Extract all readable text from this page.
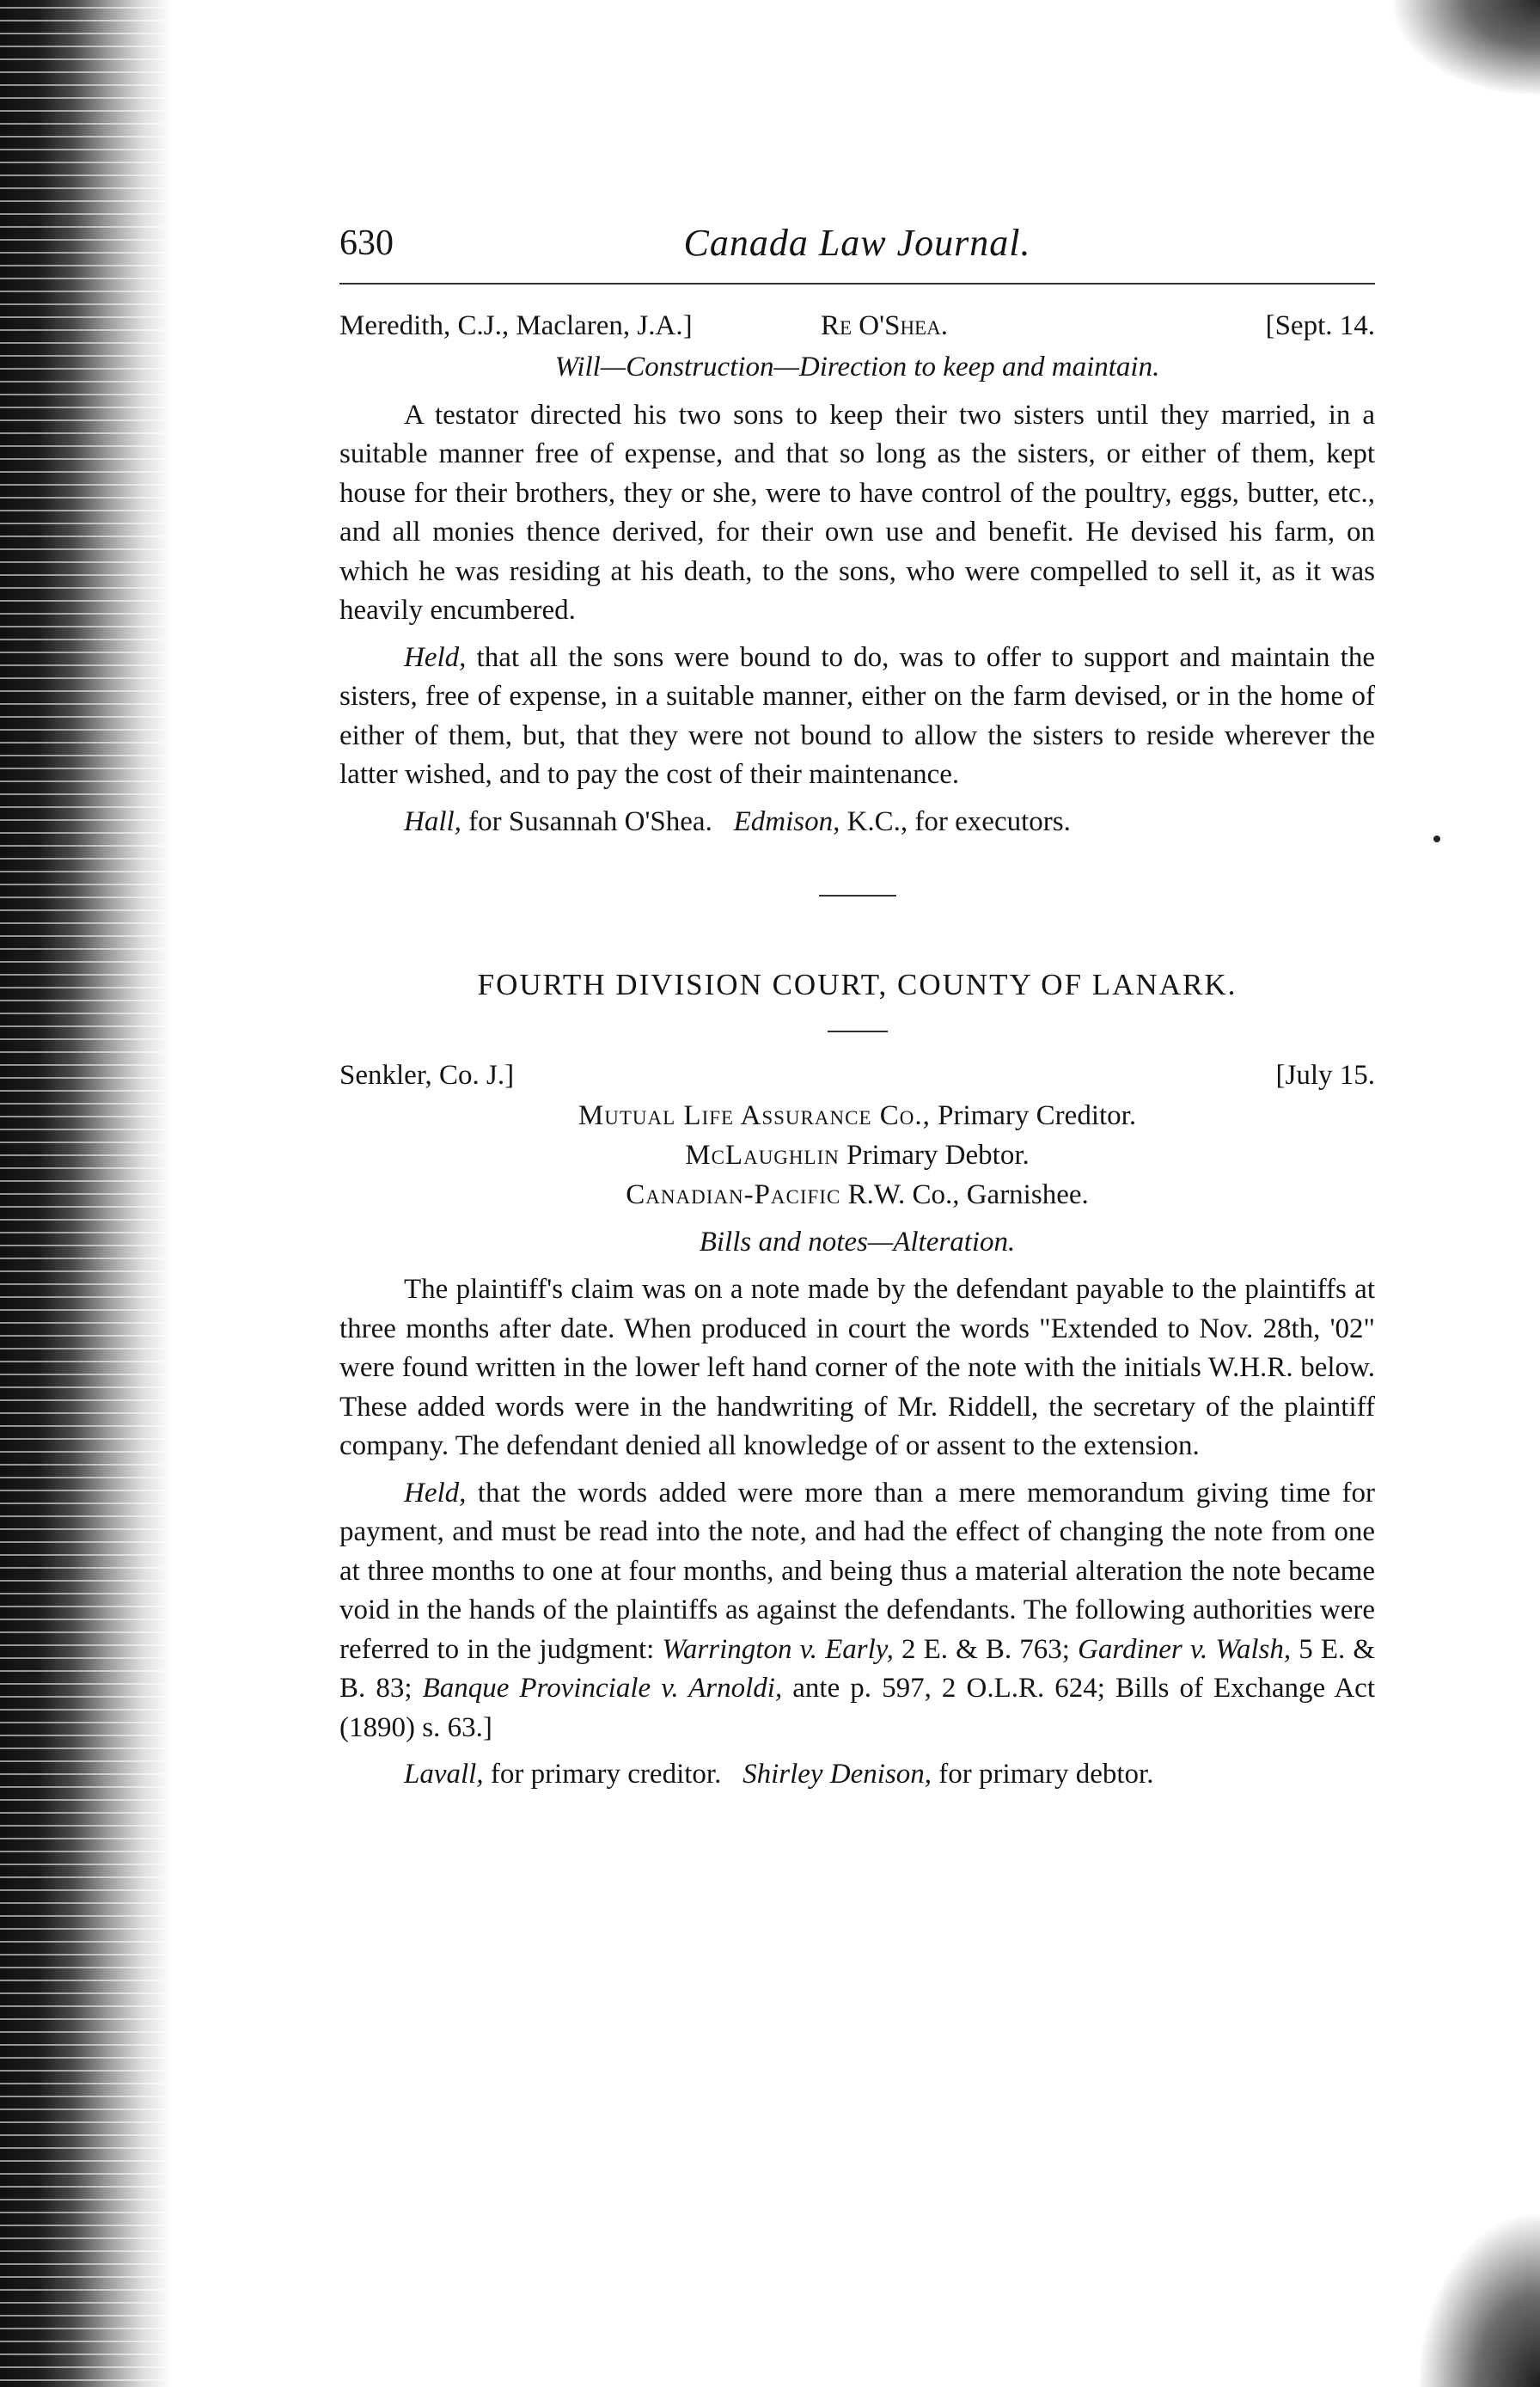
630	Canada Law Journal.
Meredith, C.J., Maclaren, J.A.]	Re O'Shea.	[Sept. 14.
Will—Construction—Direction to keep and maintain.

A testator directed his two sons to keep their two sisters until they married, in a suitable manner free of expense, and that so long as the sisters, or either of them, kept house for their brothers, they or she, were to have control of the poultry, eggs, butter, etc., and all monies thence derived, for their own use and benefit. He devised his farm, on which he was residing at his death, to the sons, who were compelled to sell it, as it was heavily encumbered.

Held, that all the sons were bound to do, was to offer to support and maintain the sisters, free of expense, in a suitable manner, either on the farm devised, or in the home of either of them, but, that they were not bound to allow the sisters to reside wherever the latter wished, and to pay the cost of their maintenance.

Hall, for Susannah O'Shea. Edmison, K.C., for executors.

FOURTH DIVISION COURT, COUNTY OF LANARK.
Senkler, Co. J.]	[July 15.
Mutual Life Assurance Co., Primary Creditor.
McLaughlin Primary Debtor.
Canadian-Pacific R.W. Co., Garnishee.
Bills and notes—Alteration.

The plaintiff's claim was on a note made by the defendant payable to the plaintiffs at three months after date. When produced in court the words "Extended to Nov. 28th, '02" were found written in the lower left hand corner of the note with the initials W.H.R. below. These added words were in the handwriting of Mr. Riddell, the secretary of the plaintiff company. The defendant denied all knowledge of or assent to the extension.

Held, that the words added were more than a mere memorandum giving time for payment, and must be read into the note, and had the effect of changing the note from one at three months to one at four months, and being thus a material alteration the note became void in the hands of the plaintiffs as against the defendants. The following authorities were referred to in the judgment: Warrington v. Early, 2 E. & B. 763; Gardiner v. Walsh, 5 E. & B. 83; Banque Provinciale v. Arnoldi, ante p. 597, 2 O.L.R. 624; Bills of Exchange Act (1890) s. 63.]

Lavall, for primary creditor. Shirley Denison, for primary debtor.
